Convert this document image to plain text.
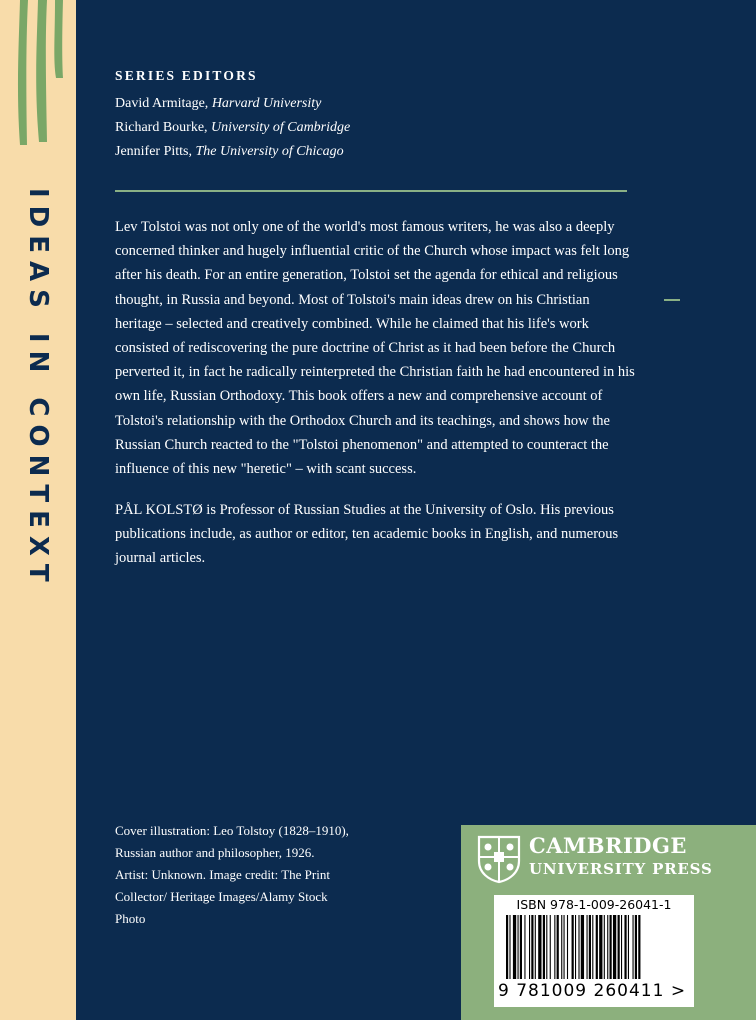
IDEAS IN CONTEXT
SERIES EDITORS
David Armitage, Harvard University
Richard Bourke, University of Cambridge
Jennifer Pitts, The University of Chicago

Lev Tolstoi was not only one of the world's most famous writers, he was also a deeply concerned thinker and hugely influential critic of the Church whose impact was felt long after his death. For an entire generation, Tolstoi set the agenda for ethical and religious thought, in Russia and beyond. Most of Tolstoi's main ideas drew on his Christian heritage – selected and creatively combined. While he claimed that his life's work consisted of rediscovering the pure doctrine of Christ as it had been before the Church perverted it, in fact he radically reinterpreted the Christian faith he had encountered in his own life, Russian Orthodoxy. This book offers a new and comprehensive account of Tolstoi's relationship with the Orthodox Church and its teachings, and shows how the Russian Church reacted to the "Tolstoi phenomenon" and attempted to counteract the influence of this new "heretic" – with scant success.

PÅL KOLSTØ is Professor of Russian Studies at the University of Oslo. His previous publications include, as author or editor, ten academic books in English, and numerous journal articles.

Cover illustration: Leo Tolstoy (1828–1910), Russian author and philosopher, 1926. Artist: Unknown. Image credit: The Print Collector/ Heritage Images/Alamy Stock Photo

CAMBRIDGE
UNIVERSITY PRESS
ISBN 978-1-009-26041-1
9 781009 260411 >
